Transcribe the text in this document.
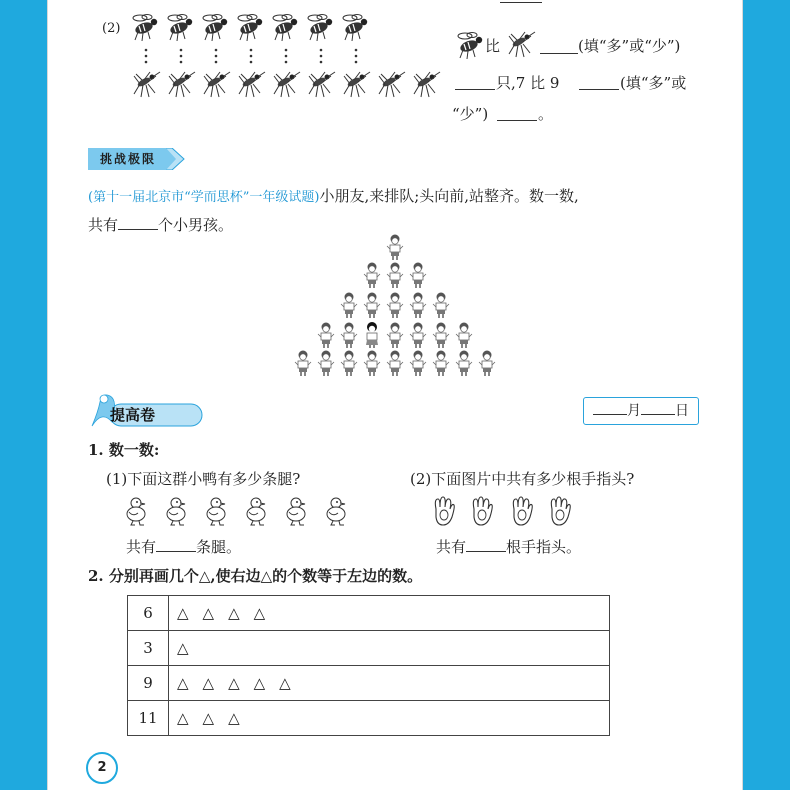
(2)
比	(填“多”或“少”)
只,7 比 9	(填“多”或
“少”)	。
挑战极限
(第十一届北京市“学而思杯”一年级试题)小朋友,来排队;头向前,站整齐。数一数,
共有	个小男孩。
提高卷	月 日
1. 数一数:
(1)下面这群小鸭有多少条腿?	(2)下面图片中共有多少根手指头?
共有	条腿。	共有	根手指头。
2. 分别再画几个△,使右边△的个数等于左边的数。
6	△△△△
3	△
9	△△△△△
11	△△△
2
